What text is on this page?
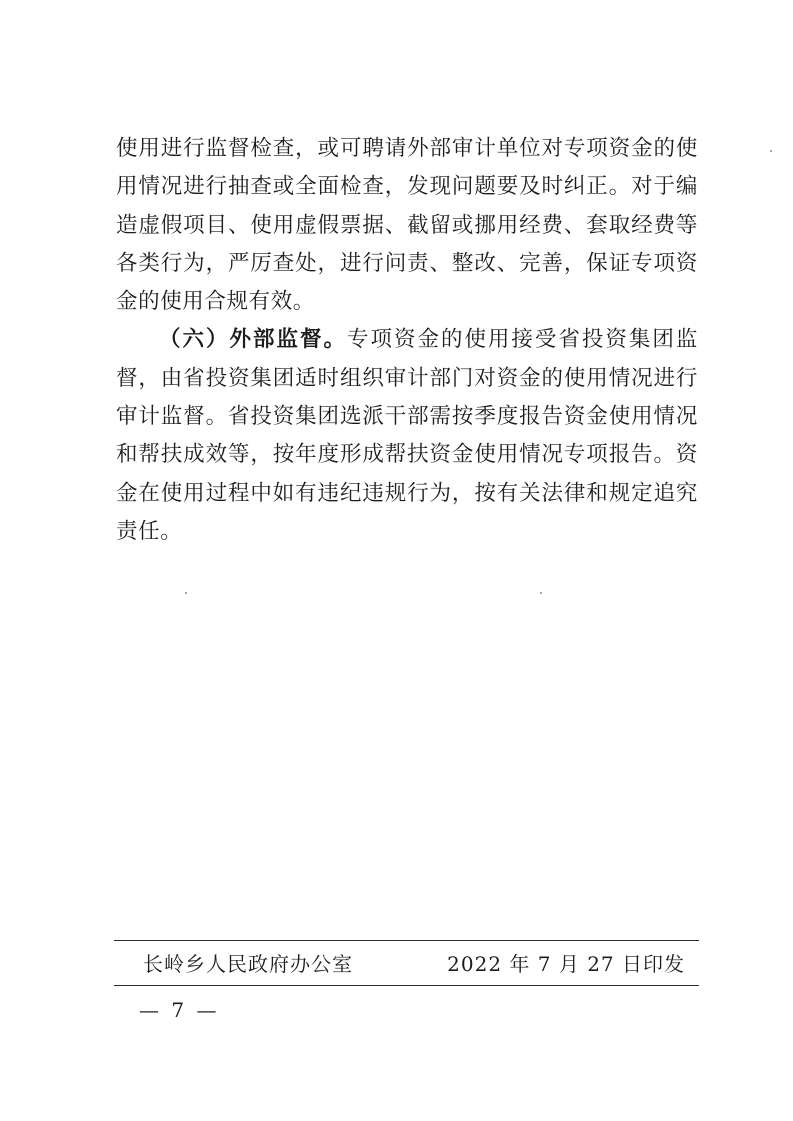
使用进行监督检查，或可聘请外部审计单位对专项资金的使用情况进行抽查或全面检查，发现问题要及时纠正。对于编造虚假项目、使用虚假票据、截留或挪用经费、套取经费等各类行为，严厉查处，进行问责、整改、完善，保证专项资金的使用合规有效。

（六）外部监督。专项资金的使用接受省投资集团监督，由省投资集团适时组织审计部门对资金的使用情况进行审计监督。省投资集团选派干部需按季度报告资金使用情况和帮扶成效等，按年度形成帮扶资金使用情况专项报告。资金在使用过程中如有违纪违规行为，按有关法律和规定追究责任。

长岭乡人民政府办公室	2022 年 7 月 27 日印发
— 7 —
